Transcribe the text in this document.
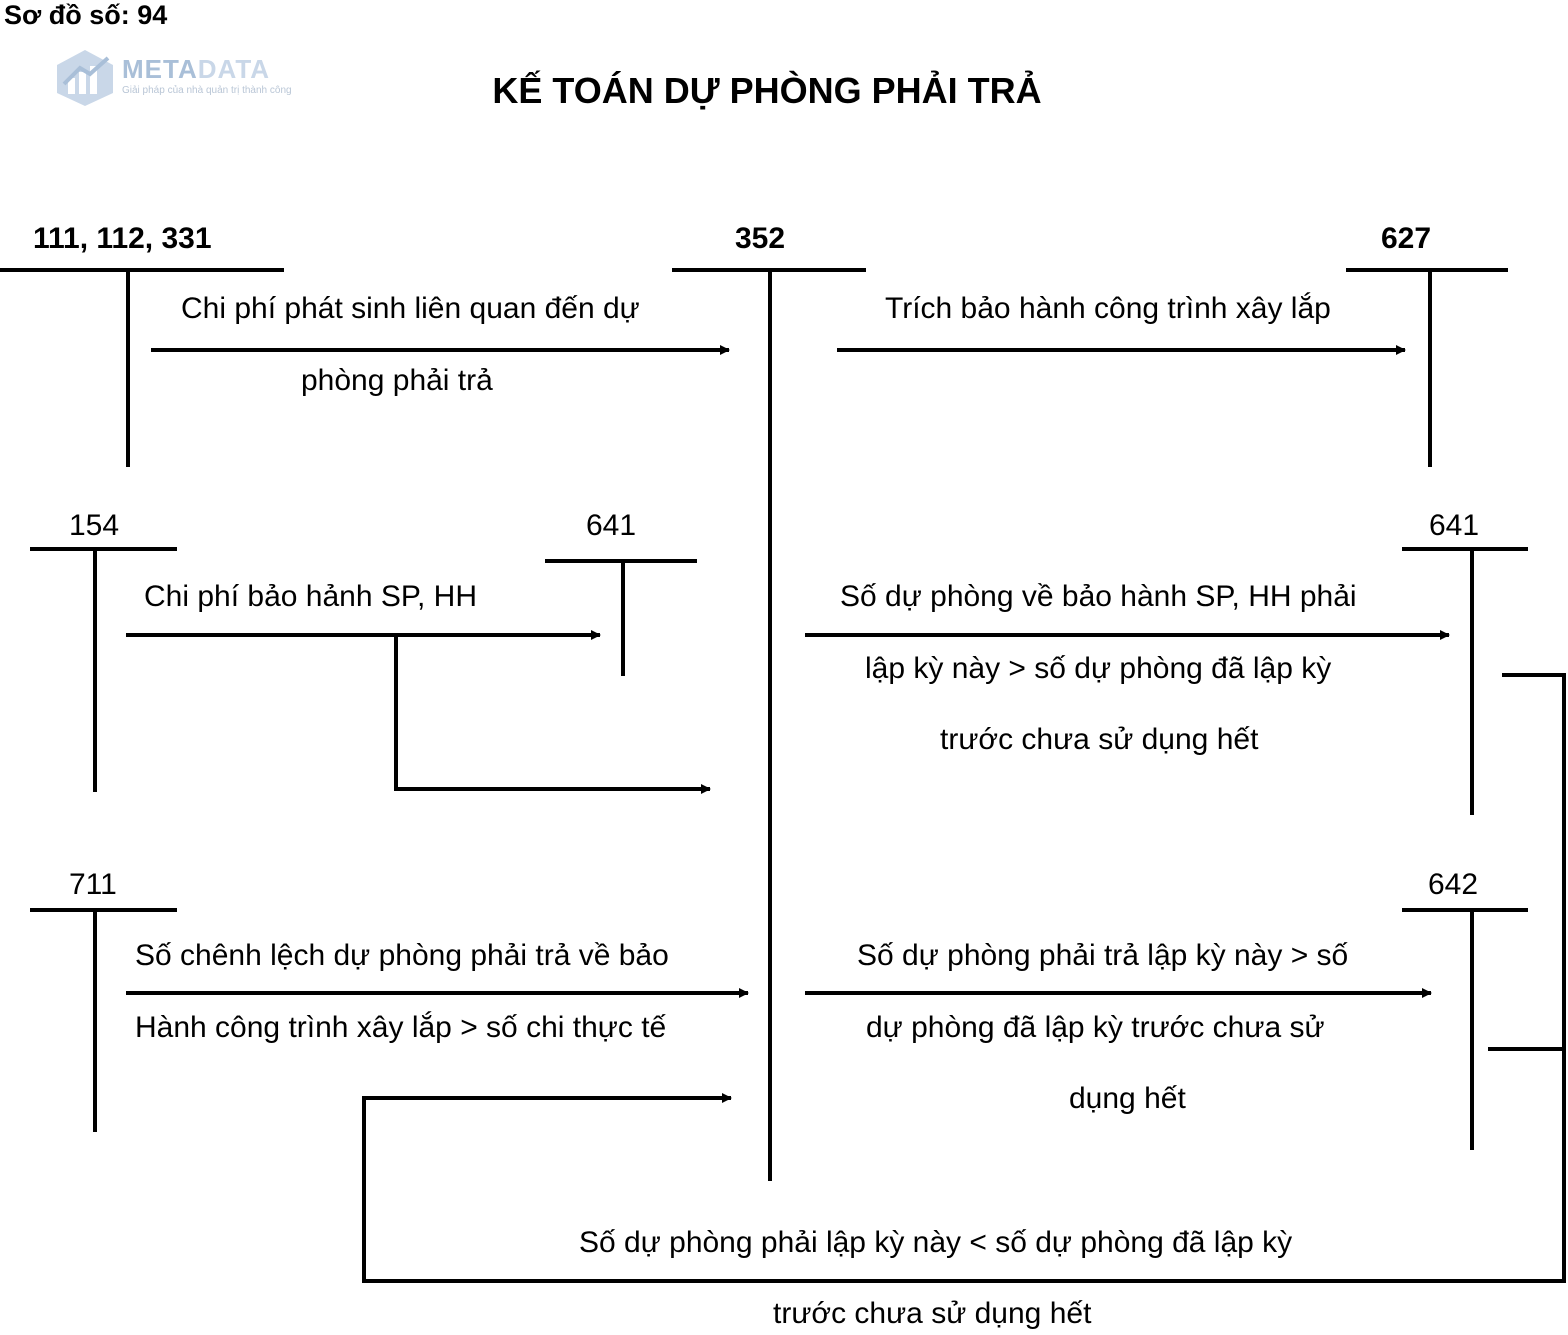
Sơ đồ số: 94
METADATA
Giải pháp của nhà quản trị thành công	KẾ TOÁN DỰ PHÒNG PHẢI TRẢ
111, 112, 331	352	627
154	641	641
711	642
Chi phí phát sinh liên quan đến dự
phòng phải trả
Trích bảo hành công trình xây lắp
Chi phí bảo hảnh SP, HH	Số dự phòng về bảo hành SP, HH phải
lập kỳ này > số dự phòng đã lập kỳ
trước chưa sử dụng hết
Số chênh lệch dự phòng phải trả về bảo
Hành công trình xây lắp > số chi thực tế
Số dự phòng phải trả lập kỳ này > số
dự phòng đã lập kỳ trước chưa sử
dụng hết
Số dự phòng phải lập kỳ này < số dự phòng đã lập kỳ
trước chưa sử dụng hết
